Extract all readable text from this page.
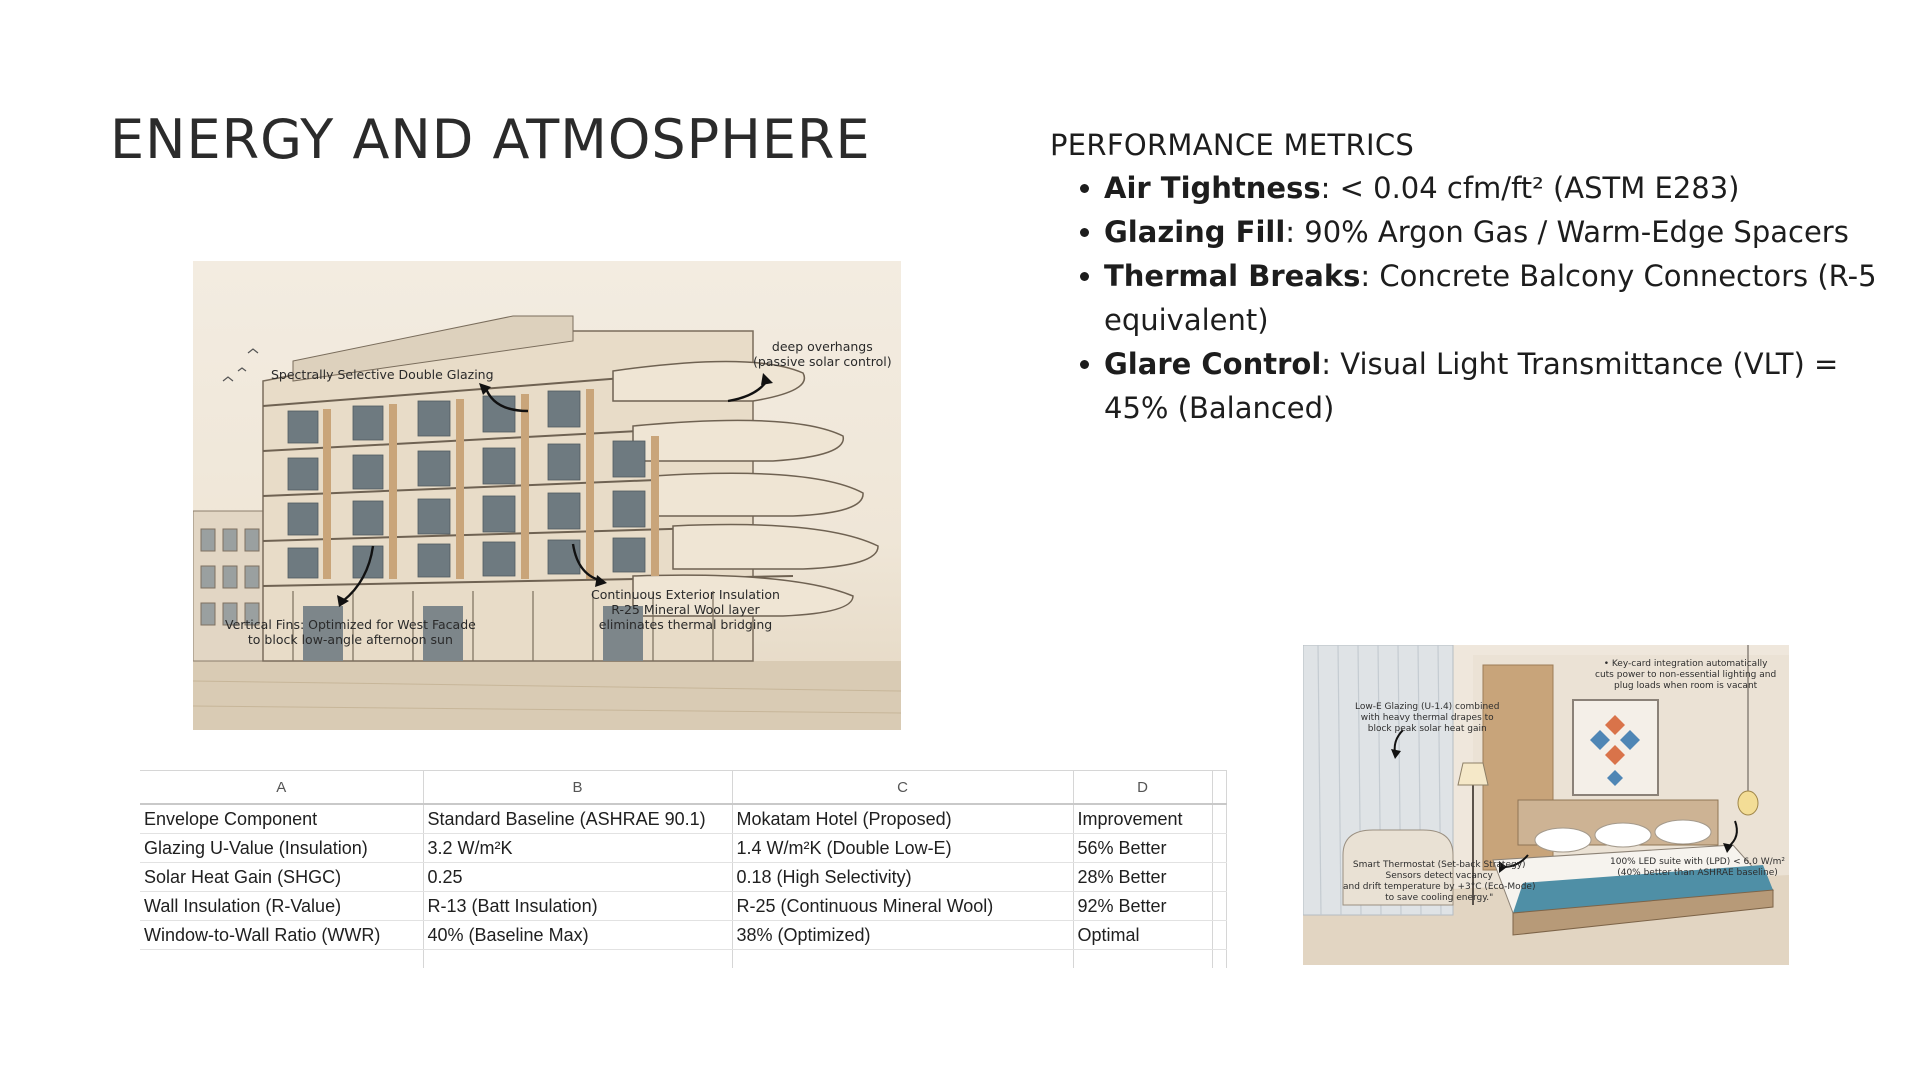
ENERGY AND ATMOSPHERE	PERFORMANCE METRICS
Air Tightness: < 0.04 cfm/ft² (ASTM E283)
Glazing Fill: 90% Argon Gas / Warm-Edge Spacers
Thermal Breaks: Concrete Balcony Connectors (R-5 equivalent)
Glare Control: Visual Light Transmittance (VLT) = 45% (Balanced)
Spectrally Selective Double Glazing
deep overhangs
(passive solar control)
Vertical Fins: Optimized for West Facade
to block low-angle afternoon sun
Continuous Exterior Insulation
R-25 Mineral Wool layer
eliminates thermal bridging
A	B	C	D	
Envelope Component	Standard Baseline (ASHRAE 90.1)	Mokatam Hotel (Proposed)	Improvement	
Glazing U-Value (Insulation)	3.2 W/m²K	1.4 W/m²K (Double Low-E)	56% Better	
Solar Heat Gain (SHGC)	0.25	0.18 (High Selectivity)	28% Better	
Wall Insulation (R-Value)	R-13 (Batt Insulation)	R-25 (Continuous Mineral Wool)	92% Better	
Window-to-Wall Ratio (WWR)	40% (Baseline Max)	38% (Optimized)	Optimal	

• Key-card integration automatically
cuts power to non-essential lighting and
plug loads when room is vacant
Low-E Glazing (U-1.4) combined
with heavy thermal drapes to
block peak solar heat gain
Smart Thermostat (Set-back Strategy)
Sensors detect vacancy
and drift temperature by +3°C (Eco-Mode)
to save cooling energy."
100% LED suite with (LPD) < 6.0 W/m²
(40% better than ASHRAE baseline)
